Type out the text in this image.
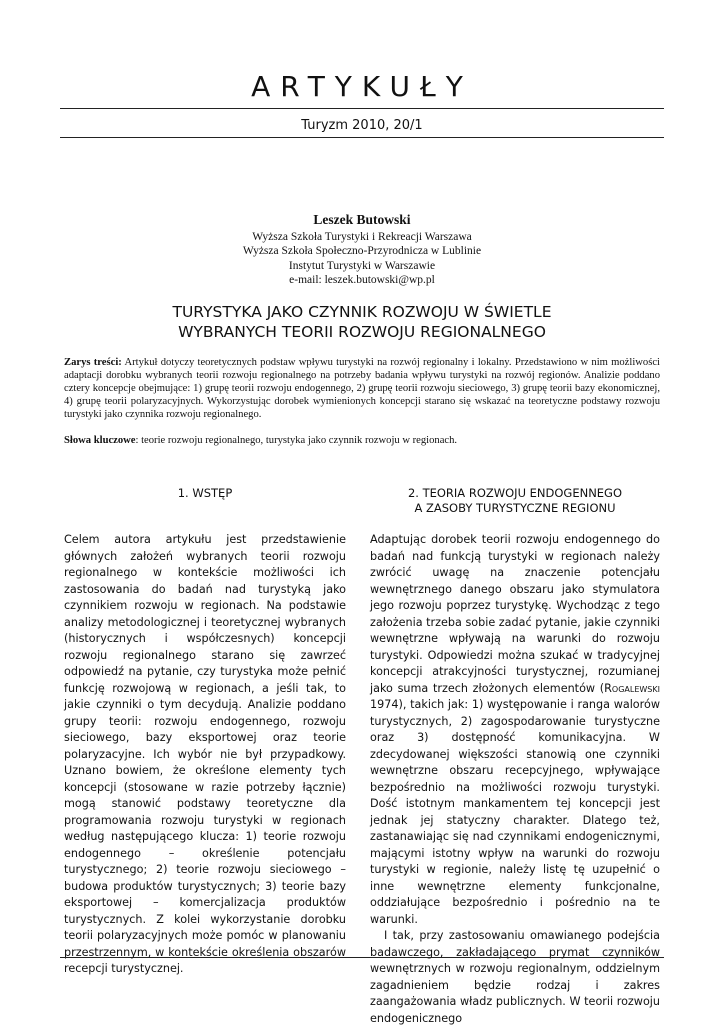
ARTYKUŁY
Turyzm 2010, 20/1
Leszek Butowski
Wyższa Szkoła Turystyki i Rekreacji Warszawa
Wyższa Szkoła Społeczno-Przyrodnicza w Lublinie
Instytut Turystyki w Warszawie
e-mail: leszek.butowski@wp.pl
TURYSTYKA JAKO CZYNNIK ROZWOJU W ŚWIETLE
WYBRANYCH TEORII ROZWOJU REGIONALNEGO
Zarys treści: Artykuł dotyczy teoretycznych podstaw wpływu turystyki na rozwój regionalny i lokalny. Przedstawiono w nim możliwości adaptacji dorobku wybranych teorii rozwoju regionalnego na potrzeby badania wpływu turystyki na rozwój regionów. Analizie poddano cztery koncepcje obejmujące: 1) grupę teorii rozwoju endogennego, 2) grupę teorii rozwoju sieciowego, 3) grupę teorii bazy ekonomicznej, 4) grupę teorii polaryzacyjnych. Wykorzystując dorobek wymienionych koncepcji starano się wskazać na teoretyczne podstawy rozwoju turystyki jako czynnika rozwoju regionalnego.
Słowa kluczowe: teorie rozwoju regionalnego, turystyka jako czynnik rozwoju w regionach.
1. WSTĘP	2. TEORIA ROZWOJU ENDOGENNEGO
A ZASOBY TURYSTYCZNE REGIONU

Celem autora artykułu jest przedstawienie głównych założeń wybranych teorii rozwoju regionalnego w kontekście możliwości ich zastosowania do badań nad turystyką jako czynnikiem rozwoju w regionach. Na podstawie analizy metodologicznej i teoretycznej wybranych (historycznych i współczesnych) koncepcji rozwoju regionalnego starano się zawrzeć odpowiedź na pytanie, czy turystyka może pełnić funkcję rozwojową w regionach, a jeśli tak, to jakie czynniki o tym decydują. Analizie poddano grupy teorii: rozwoju endogennego, rozwoju sieciowego, bazy eksportowej oraz teorie polaryzacyjne. Ich wybór nie był przypadkowy. Uznano bowiem, że określone elementy tych koncepcji (stosowane w razie potrzeby łącznie) mogą stanowić podstawy teoretyczne dla programowania rozwoju turystyki w regionach według następującego klucza: 1) teorie rozwoju endogennego – określenie potencjału turystycznego; 2) teorie rozwoju sieciowego – budowa produktów turystycznych; 3) teorie bazy eksportowej – komercjalizacja produktów turystycznych. Z kolei wykorzystanie dorobku teorii polaryzacyjnych może pomóc w planowaniu przestrzennym, w kontekście określenia obszarów recepcji turystycznej.

Adaptując dorobek teorii rozwoju endogennego do badań nad funkcją turystyki w regionach należy zwrócić uwagę na znaczenie potencjału wewnętrznego danego obszaru jako stymulatora jego rozwoju poprzez turystykę. Wychodząc z tego założenia trzeba sobie zadać pytanie, jakie czynniki wewnętrzne wpływają na warunki do rozwoju turystyki. Odpowiedzi można szukać w tradycyjnej koncepcji atrakcyjności turystycznej, rozumianej jako suma trzech złożonych elementów (Rogalewski 1974), takich jak: 1) występowanie i ranga walorów turystycznych, 2) zagospodarowanie turystyczne oraz 3) dostępność komunikacyjna. W zdecydowanej większości stanowią one czynniki wewnętrzne obszaru recepcyjnego, wpływające bezpośrednio na możliwości rozwoju turystyki. Dość istotnym mankamentem tej koncepcji jest jednak jej statyczny charakter. Dlatego też, zastanawiając się nad czynnikami endogenicznymi, mającymi istotny wpływ na warunki do rozwoju turystyki w regionie, należy listę tę uzupełnić o inne wewnętrzne elementy funkcjonalne, oddziałujące bezpośrednio i pośrednio na te warunki.

I tak, przy zastosowaniu omawianego podejścia badawczego, zakładającego prymat czynników wewnętrznych w rozwoju regionalnym, oddzielnym zagadnieniem będzie rodzaj i zakres zaangażowania władz publicznych. W teorii rozwoju endogenicznego
